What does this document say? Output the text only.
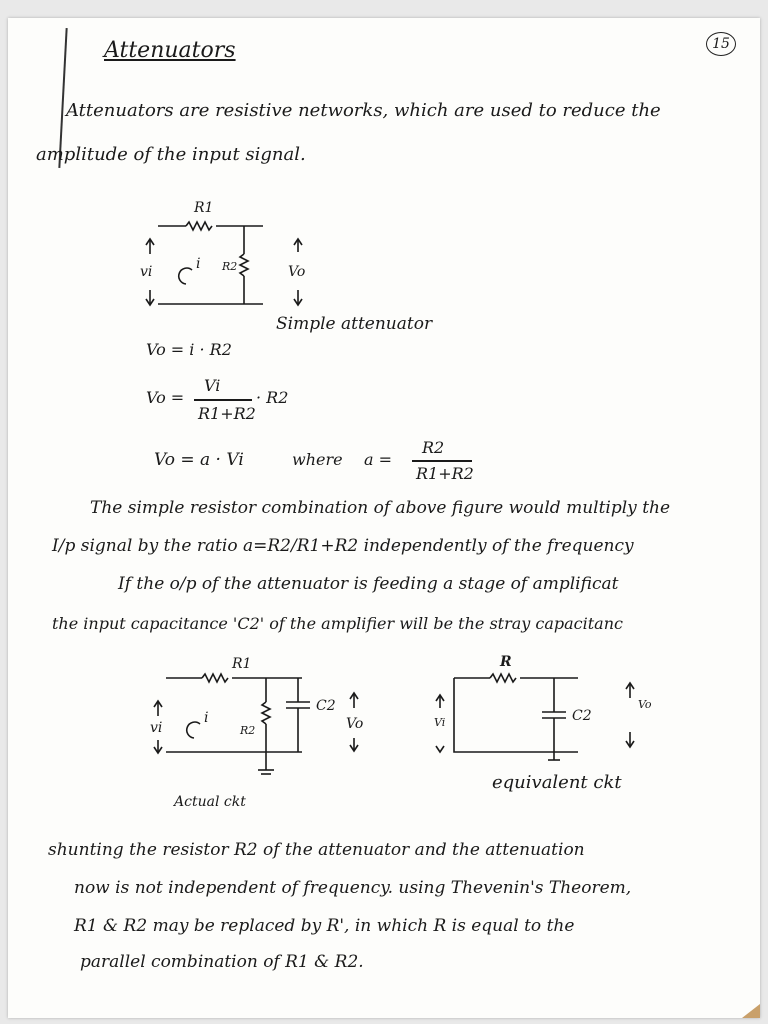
Attenuators	15
Attenuators are resistive networks, which are used to reduce the
amplitude of the input signal.
R1
R2
vi	Vo
i
Simple attenuator
Vo = i · R2
Vo =
Vi
R1+R2
· R2
Vo = a · Vi	where a =
R2
R1+R2
The simple resistor combination of above figure would multiply the
I/p signal by the ratio a=R2/R1+R2 independently of the frequency
If the o/p of the attenuator is feeding a stage of amplificat
the input capacitance 'C2' of the amplifier will be the stray capacitanc
R1
R2
C2
vi	Vo
i
Actual ckt
R
C2
Vi
Vo
equivalent ckt
shunting the resistor R2 of the attenuator and the attenuation
now is not independent of frequency. using Thevenin's Theorem,
R1 & R2 may be replaced by R', in which R is equal to the
parallel combination of R1 & R2.
